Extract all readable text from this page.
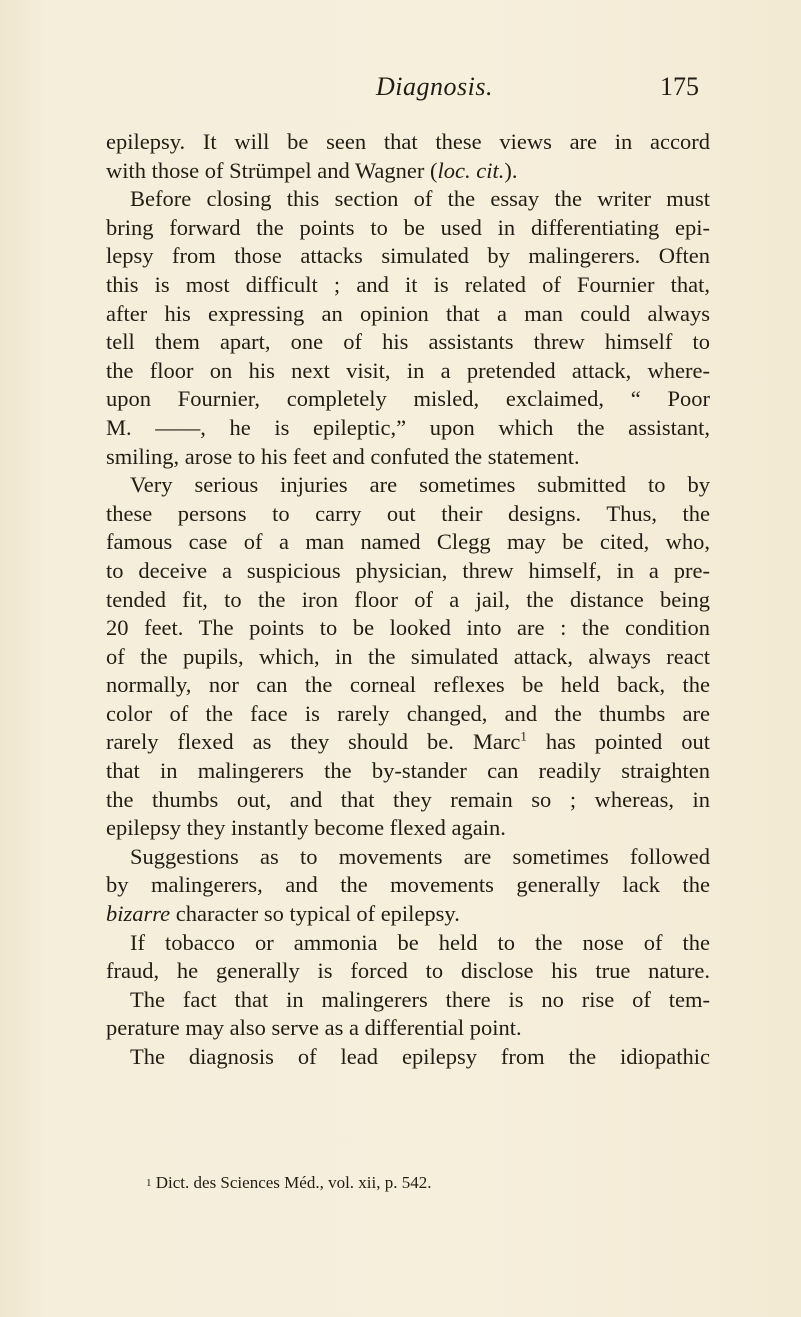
Diagnosis.	175
epilepsy. It will be seen that these views are in accord
with those of Strümpel and Wagner (loc. cit.).
Before closing this section of the essay the writer must
bring forward the points to be used in differentiating epi-
lepsy from those attacks simulated by malingerers. Often
this is most difficult ; and it is related of Fournier that,
after his expressing an opinion that a man could always
tell them apart, one of his assistants threw himself to
the floor on his next visit, in a pretended attack, where-
upon Fournier, completely misled, exclaimed, “ Poor
M. ——, he is epileptic,” upon which the assistant,
smiling, arose to his feet and confuted the statement.
Very serious injuries are sometimes submitted to by
these persons to carry out their designs. Thus, the
famous case of a man named Clegg may be cited, who,
to deceive a suspicious physician, threw himself, in a pre-
tended fit, to the iron floor of a jail, the distance being
20 feet. The points to be looked into are : the condition
of the pupils, which, in the simulated attack, always react
normally, nor can the corneal reflexes be held back, the
color of the face is rarely changed, and the thumbs are
rarely flexed as they should be. Marc$^1$ has pointed out
that in malingerers the by-stander can readily straighten
the thumbs out, and that they remain so ; whereas, in
epilepsy they instantly become flexed again.
Suggestions as to movements are sometimes followed
by malingerers, and the movements generally lack the
bizarre character so typical of epilepsy.
If tobacco or ammonia be held to the nose of the
fraud, he generally is forced to disclose his true nature.
The fact that in malingerers there is no rise of tem-
perature may also serve as a differential point.
The diagnosis of lead epilepsy from the idiopathic
$^1$ Dict. des Sciences Méd., vol. xii, p. 542.
